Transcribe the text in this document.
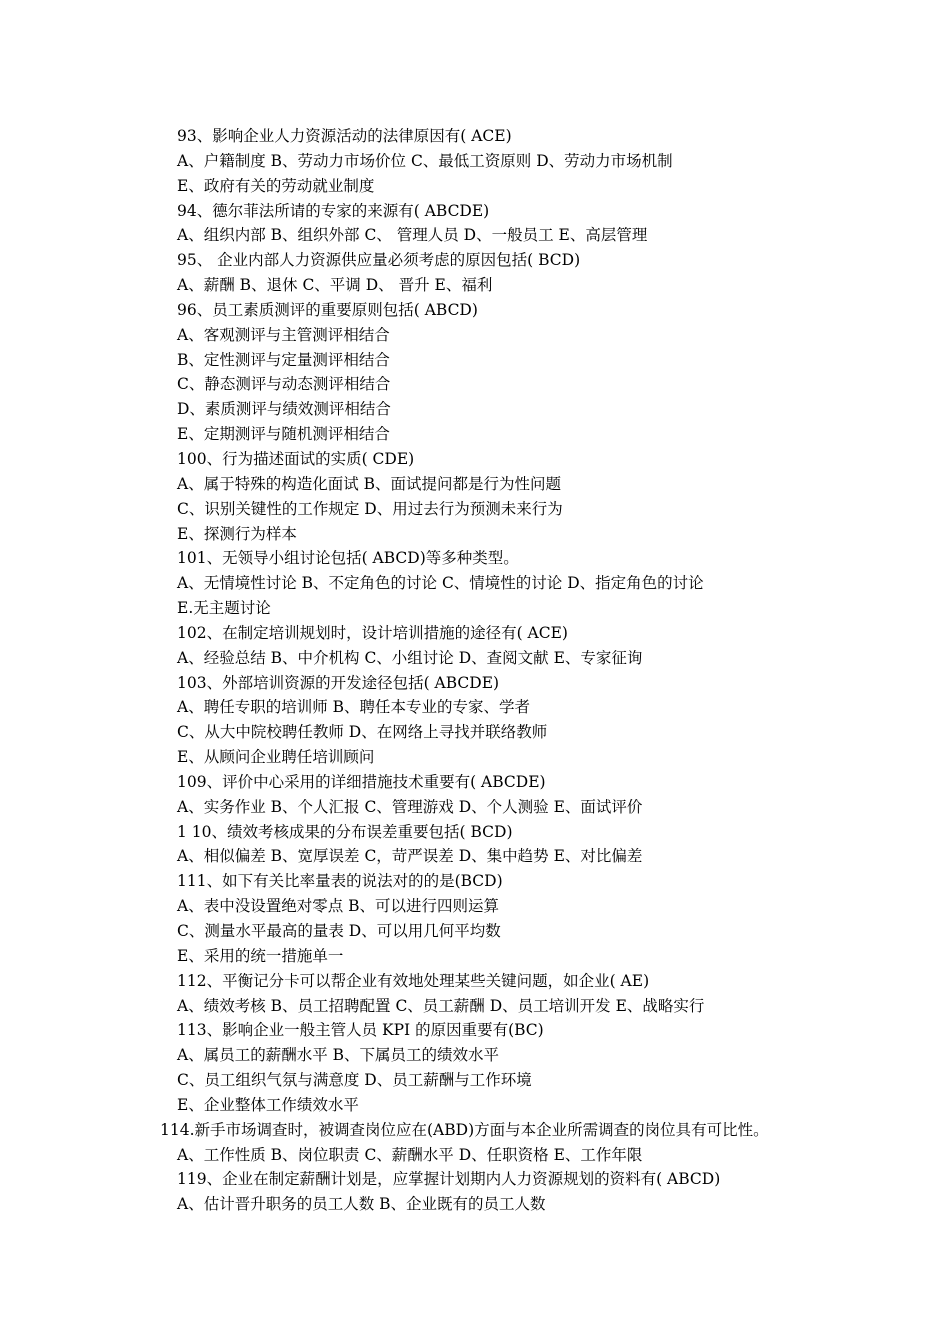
93、影响企业人力资源活动的法律原因有( ACE)
A、户籍制度 B、劳动力市场价位 C、最低工资原则 D、劳动力市场机制
E、政府有关的劳动就业制度
94、德尔菲法所请的专家的来源有( ABCDE)
A、组织内部 B、组织外部 C、 管理人员 D、一般员工 E、高层管理
95、 企业内部人力资源供应量必须考虑的原因包括( BCD)
A、薪酬 B、退休 C、平调 D、 晋升 E、福利
96、员工素质测评的重要原则包括( ABCD)
A、客观测评与主管测评相结合
B、定性测评与定量测评相结合
C、静态测评与动态测评相结合
D、素质测评与绩效测评相结合
E、定期测评与随机测评相结合
100、行为描述面试的实质( CDE)
A、属于特殊的构造化面试 B、面试提问都是行为性问题
C、识别关键性的工作规定 D、用过去行为预测未来行为
E、探测行为样本
101、无领导小组讨论包括( ABCD)等多种类型。
A、无情境性讨论 B、不定角色的讨论 C、情境性的讨论 D、指定角色的讨论
E.无主题讨论
102、在制定培训规划时，设计培训措施的途径有( ACE)
A、经验总结 B、中介机构 C、小组讨论 D、查阅文献 E、专家征询
103、外部培训资源的开发途径包括( ABCDE)
A、聘任专职的培训师 B、聘任本专业的专家、学者
C、从大中院校聘任教师 D、在网络上寻找并联络教师
E、从顾问企业聘任培训顾问
109、评价中心采用的详细措施技术重要有( ABCDE)
A、实务作业 B、个人汇报 C、管理游戏 D、个人测验 E、面试评价
1 10、绩效考核成果的分布误差重要包括( BCD)
A、相似偏差 B、宽厚误差 C，苛严误差 D、集中趋势 E、对比偏差
111、如下有关比率量表的说法对的的是(BCD)
A、表中没设置绝对零点 B、可以进行四则运算
C、测量水平最高的量表 D、可以用几何平均数
E、采用的统一措施单一
112、平衡记分卡可以帮企业有效地处理某些关键问题，如企业( AE)
A、绩效考核 B、员工招聘配置 C、员工薪酬 D、员工培训开发 E、战略实行
113、影响企业一般主管人员 KPI 的原因重要有(BC)
A、属员工的薪酬水平 B、下属员工的绩效水平
C、员工组织气氛与满意度 D、员工薪酬与工作环境
E、企业整体工作绩效水平
114.新手市场调查时，被调查岗位应在(ABD)方面与本企业所需调查的岗位具有可比性。
A、工作性质 B、岗位职责 C、薪酬水平 D、任职资格 E、工作年限
119、企业在制定薪酬计划是，应掌握计划期内人力资源规划的资料有( ABCD)
A、估计晋升职务的员工人数 B、企业既有的员工人数
